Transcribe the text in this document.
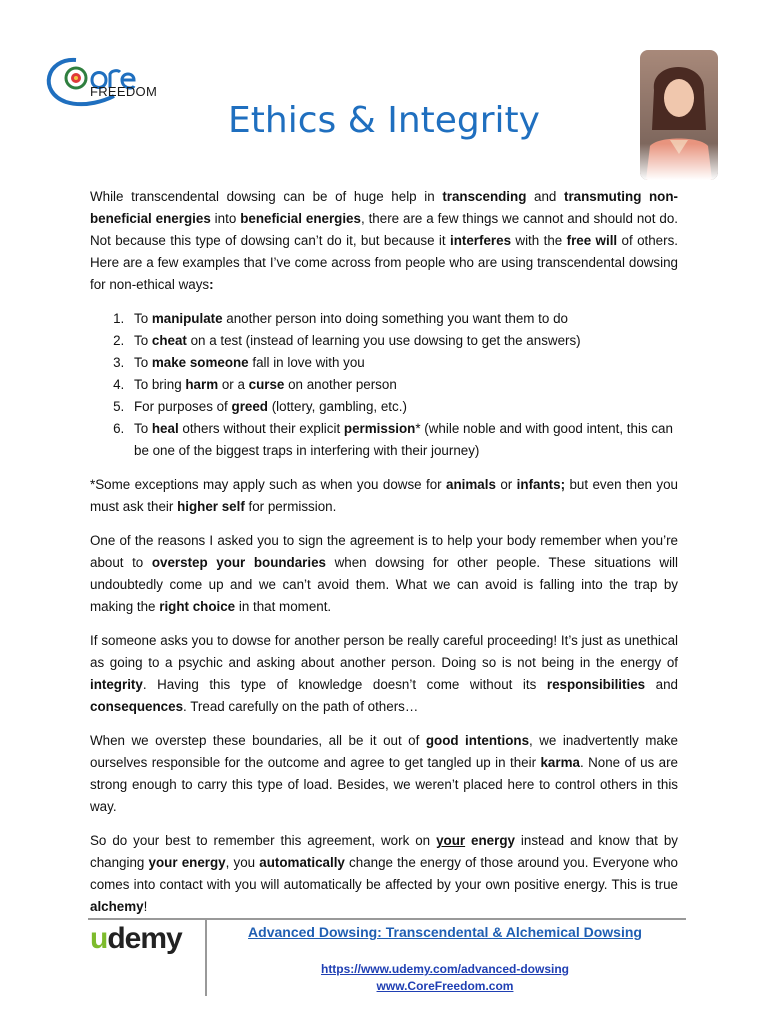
FREEDOM
Ethics & Integrity

While transcendental dowsing can be of huge help in transcending and transmuting non-beneficial energies into beneficial energies, there are a few things we cannot and should not do. Not because this type of dowsing can’t do it, but because it interferes with the free will of others. Here are a few examples that I’ve come across from people who are using transcendental dowsing for non-ethical ways:

1. To manipulate another person into doing something you want them to do
2. To cheat on a test (instead of learning you use dowsing to get the answers)
3. To make someone fall in love with you
4. To bring harm or a curse on another person
5. For purposes of greed (lottery, gambling, etc.)
6. To heal others without their explicit permission* (while noble and with good intent, this can be one of the biggest traps in interfering with their journey)

*Some exceptions may apply such as when you dowse for animals or infants; but even then you must ask their higher self for permission.

One of the reasons I asked you to sign the agreement is to help your body remember when you’re about to overstep your boundaries when dowsing for other people. These situations will undoubtedly come up and we can’t avoid them. What we can avoid is falling into the trap by making the right choice in that moment.

If someone asks you to dowse for another person be really careful proceeding! It’s just as unethical as going to a psychic and asking about another person. Doing so is not being in the energy of integrity. Having this type of knowledge doesn’t come without its responsibilities and consequences. Tread carefully on the path of others…

When we overstep these boundaries, all be it out of good intentions, we inadvertently make ourselves responsible for the outcome and agree to get tangled up in their karma. None of us are strong enough to carry this type of load. Besides, we weren’t placed here to control others in this way.

So do your best to remember this agreement, work on your energy instead and know that by changing your energy, you automatically change the energy of those around you. Everyone who comes into contact with you will automatically be affected by your own positive energy. This is true alchemy!

udemy	Advanced Dowsing: Transcendental & Alchemical Dowsing
https://www.udemy.com/advanced-dowsing
www.CoreFreedom.com
